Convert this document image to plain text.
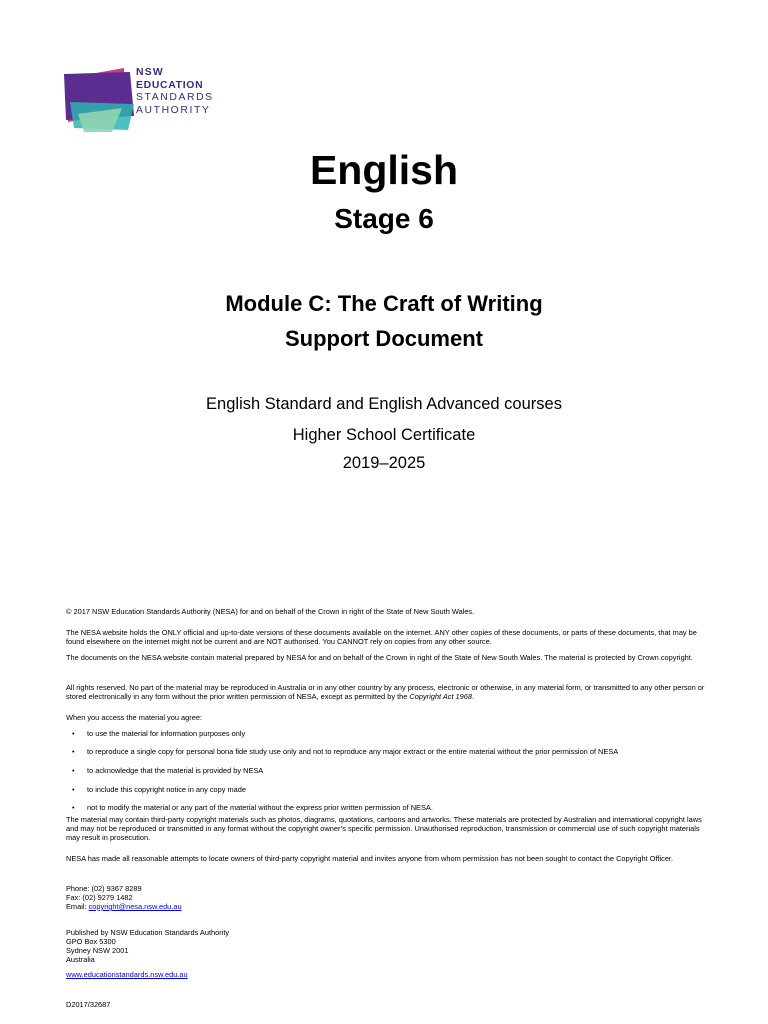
NSW
EDUCATION
STANDARDS
AUTHORITY
English
Stage 6
Module C: The Craft of Writing
Support Document
English Standard and English Advanced courses
Higher School Certificate
2019–2025

© 2017 NSW Education Standards Authority (NESA) for and on behalf of the Crown in right of the State of New South Wales.

The NESA website holds the ONLY official and up-to-date versions of these documents available on the internet. ANY other copies of these documents, or parts of these documents, that may be found elsewhere on the internet might not be current and are NOT authorised. You CANNOT rely on copies from any other source.

The documents on the NESA website contain material prepared by NESA for and on behalf of the Crown in right of the State of New South Wales. The material is protected by Crown copyright.

All rights reserved. No part of the material may be reproduced in Australia or in any other country by any process, electronic or otherwise, in any material form, or transmitted to any other person or stored electronically in any form without the prior written permission of NESA, except as permitted by the Copyright Act 1968.

When you access the material you agree:

• to use the material for information purposes only
• to reproduce a single copy for personal bona fide study use only and not to reproduce any major extract or the entire material without the prior permission of NESA
• to acknowledge that the material is provided by NESA
• to include this copyright notice in any copy made
• not to modify the material or any part of the material without the express prior written permission of NESA.

The material may contain third-party copyright materials such as photos, diagrams, quotations, cartoons and artworks. These materials are protected by Australian and international copyright laws and may not be reproduced or transmitted in any format without the copyright owner’s specific permission. Unauthorised reproduction, transmission or commercial use of such copyright materials may result in prosecution.

NESA has made all reasonable attempts to locate owners of third-party copyright material and invites anyone from whom permission has not been sought to contact the Copyright Officer.

Phone: (02) 9367 8289

Fax: (02) 9279 1482

Email: copyright@nesa.nsw.edu.au

Published by NSW Education Standards Authority

GPO Box 5300

Sydney NSW 2001

Australia

www.educationstandards.nsw.edu.au

D2017/32687
